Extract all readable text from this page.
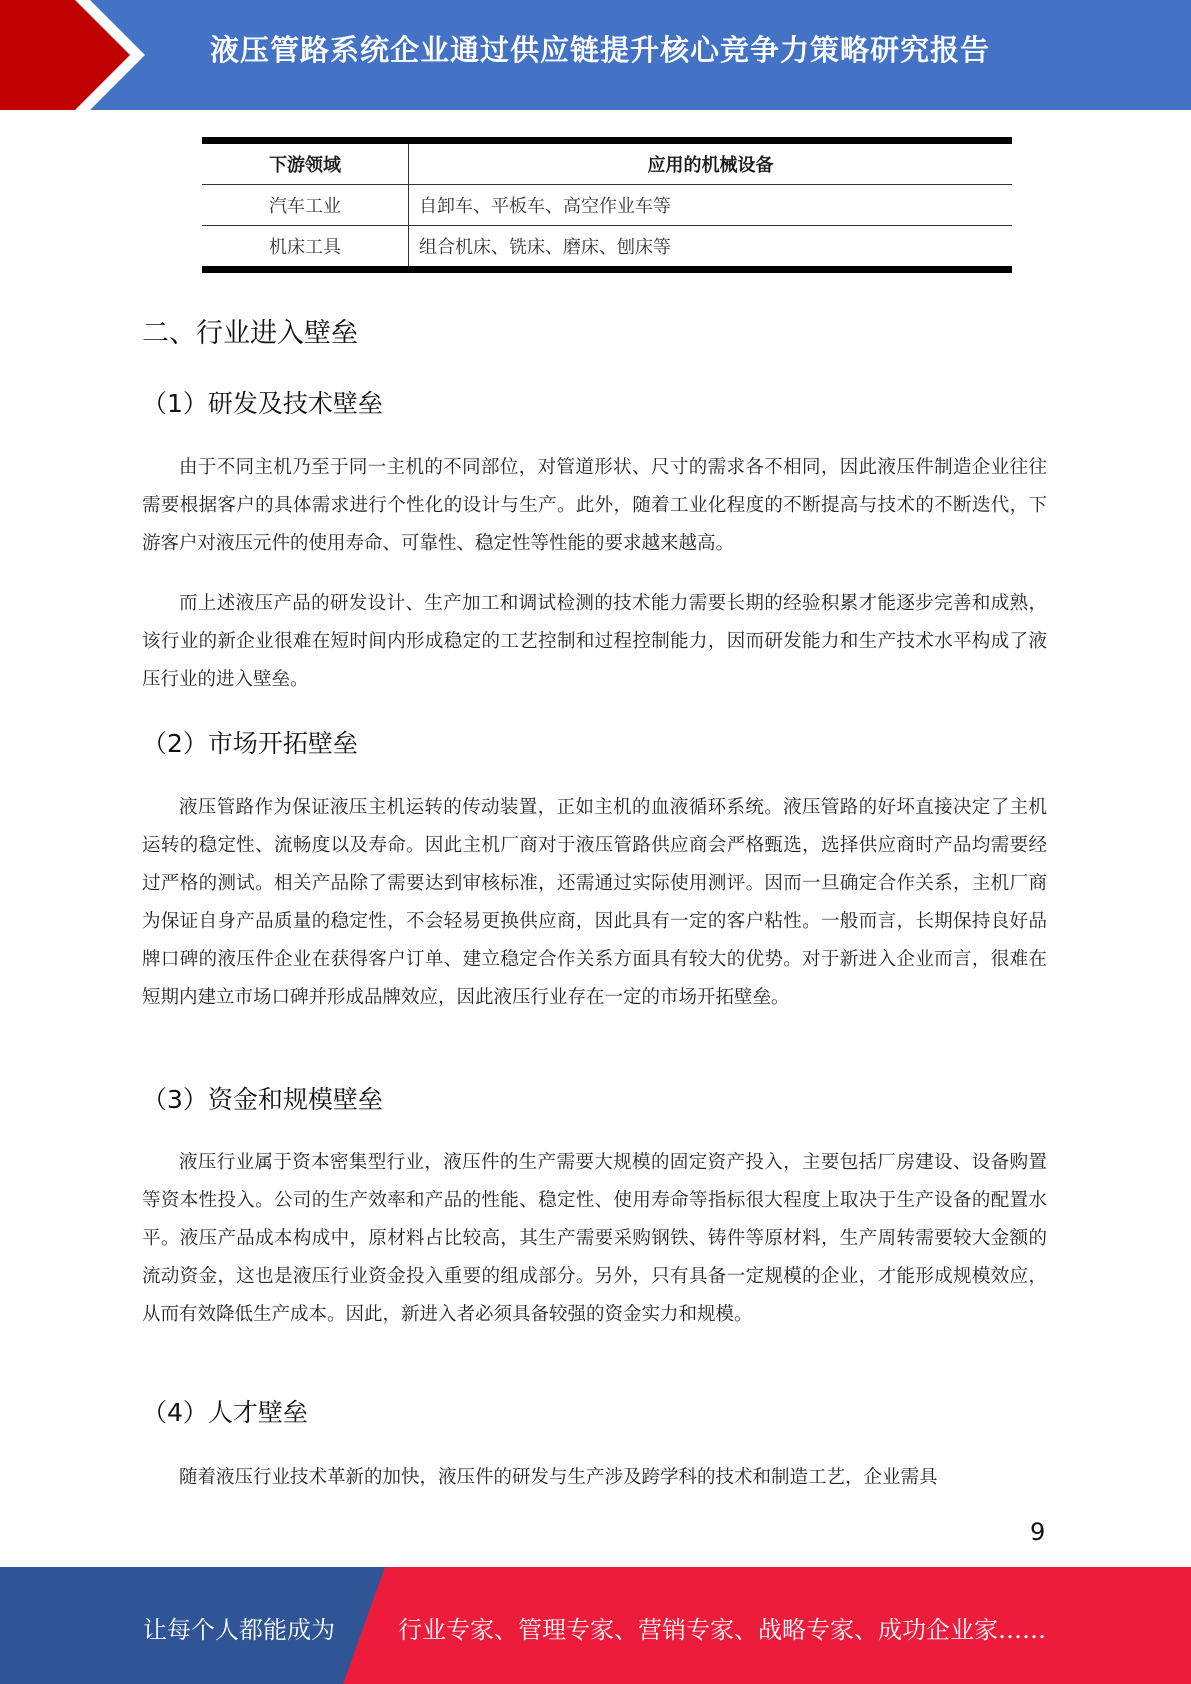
液压管路系统企业通过供应链提升核心竞争力策略研究报告
下游领域	应用的机械设备
汽车工业	自卸车、平板车、高空作业车等
机床工具	组合机床、铣床、磨床、刨床等
二、行业进入壁垒
（1）研发及技术壁垒

由于不同主机乃至于同一主机的不同部位，对管道形状、尺寸的需求各不相同，因此液压件制造企业往往需要根据客户的具体需求进行个性化的设计与生产。此外，随着工业化程度的不断提高与技术的不断迭代，下游客户对液压元件的使用寿命、可靠性、稳定性等性能的要求越来越高。

而上述液压产品的研发设计、生产加工和调试检测的技术能力需要长期的经验积累才能逐步完善和成熟，该行业的新企业很难在短时间内形成稳定的工艺控制和过程控制能力，因而研发能力和生产技术水平构成了液压行业的进入壁垒。

（2）市场开拓壁垒

液压管路作为保证液压主机运转的传动装置，正如主机的血液循环系统。液压管路的好坏直接决定了主机运转的稳定性、流畅度以及寿命。因此主机厂商对于液压管路供应商会严格甄选，选择供应商时产品均需要经过严格的测试。相关产品除了需要达到审核标准，还需通过实际使用测评。因而一旦确定合作关系，主机厂商为保证自身产品质量的稳定性，不会轻易更换供应商，因此具有一定的客户粘性。一般而言，长期保持良好品牌口碑的液压件企业在获得客户订单、建立稳定合作关系方面具有较大的优势。对于新进入企业而言，很难在短期内建立市场口碑并形成品牌效应，因此液压行业存在一定的市场开拓壁垒。

（3）资金和规模壁垒

液压行业属于资本密集型行业，液压件的生产需要大规模的固定资产投入，主要包括厂房建设、设备购置等资本性投入。公司的生产效率和产品的性能、稳定性、使用寿命等指标很大程度上取决于生产设备的配置水平。液压产品成本构成中，原材料占比较高，其生产需要采购钢铁、铸件等原材料，生产周转需要较大金额的流动资金，这也是液压行业资金投入重要的组成部分。另外，只有具备一定规模的企业，才能形成规模效应，从而有效降低生产成本。因此，新进入者必须具备较强的资金实力和规模。

（4）人才壁垒

随着液压行业技术革新的加快，液压件的研发与生产涉及跨学科的技术和制造工艺，企业需具

9
让每个人都能成为	行业专家、管理专家、营销专家、战略专家、成功企业家……
